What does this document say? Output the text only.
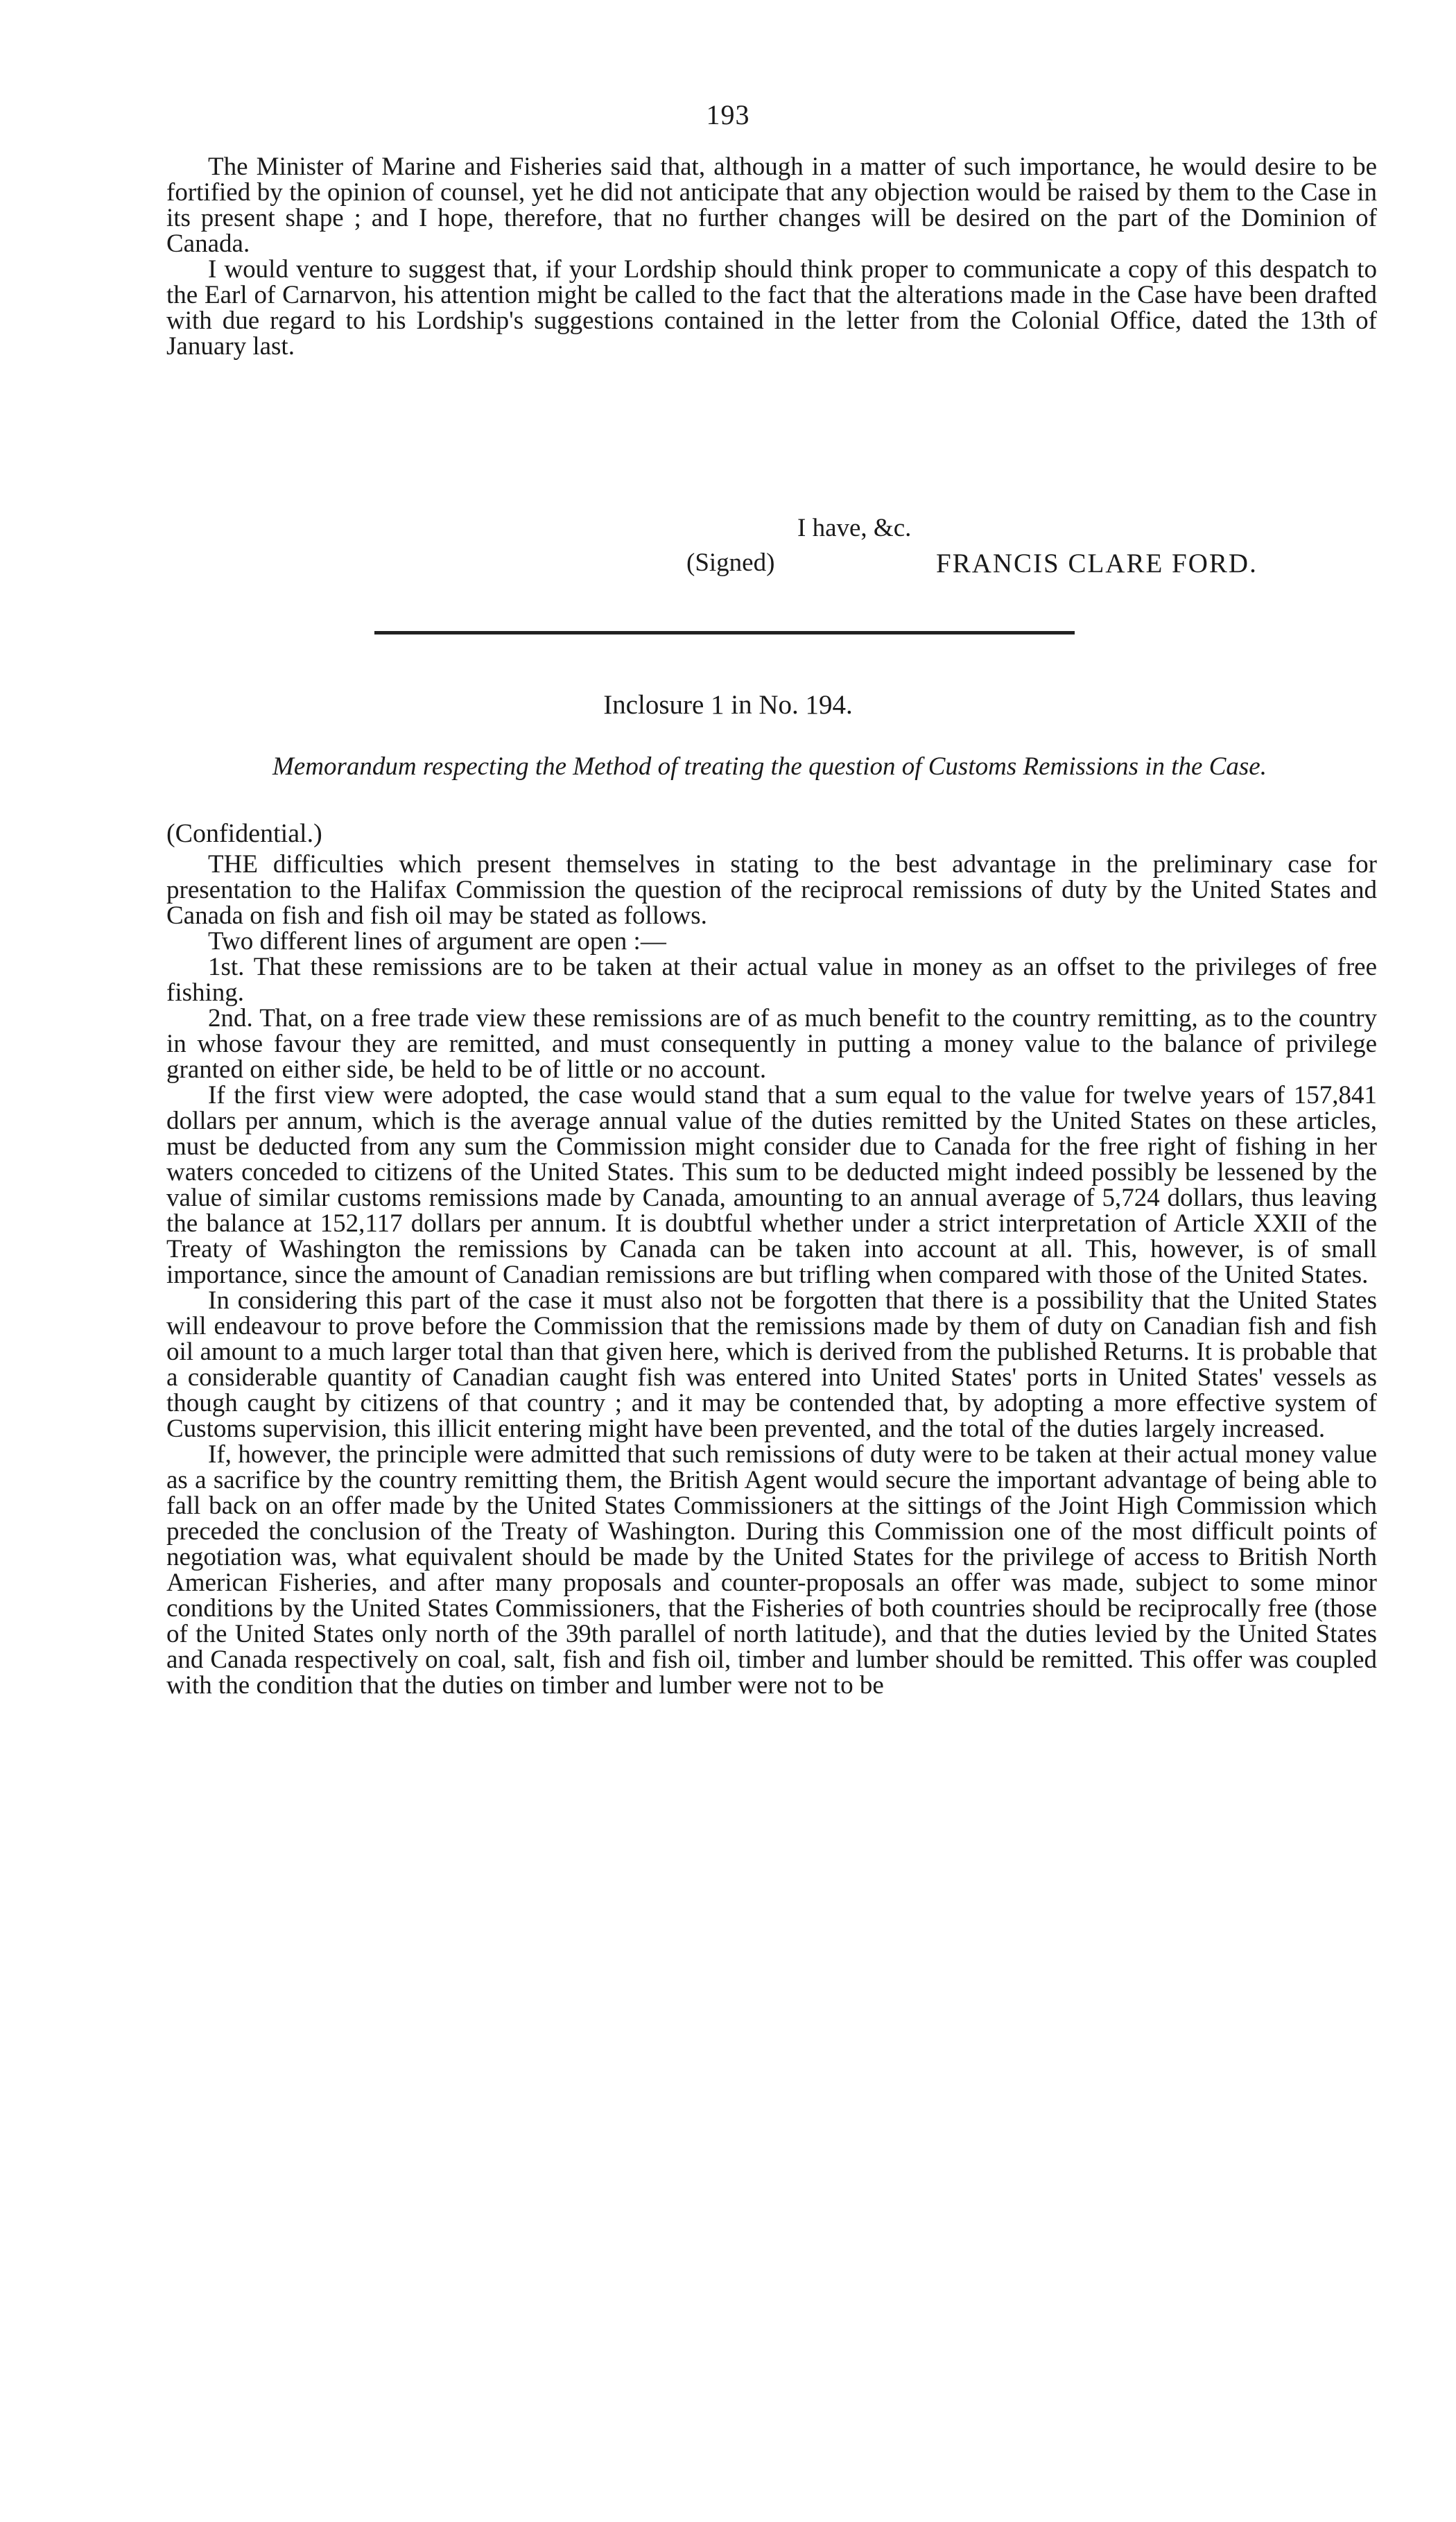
193

The Minister of Marine and Fisheries said that, although in a matter of such importance, he would desire to be fortified by the opinion of counsel, yet he did not anticipate that any objection would be raised by them to the Case in its present shape ; and I hope, therefore, that no further changes will be desired on the part of the Dominion of Canada.

I would venture to suggest that, if your Lordship should think proper to communicate a copy of this despatch to the Earl of Carnarvon, his attention might be called to the fact that the alterations made in the Case have been drafted with due regard to his Lordship's suggestions contained in the letter from the Colonial Office, dated the 13th of January last.

I have, &c.
(Signed)	FRANCIS CLARE FORD.
Inclosure 1 in No. 194.
Memorandum respecting the Method of treating the question of Customs Remissions in the Case.
(Confidential.)

THE difficulties which present themselves in stating to the best advantage in the preliminary case for presentation to the Halifax Commission the question of the reciprocal remissions of duty by the United States and Canada on fish and fish oil may be stated as follows.

Two different lines of argument are open :—

1st. That these remissions are to be taken at their actual value in money as an offset to the privileges of free fishing.

2nd. That, on a free trade view these remissions are of as much benefit to the country remitting, as to the country in whose favour they are remitted, and must consequently in putting a money value to the balance of privilege granted on either side, be held to be of little or no account.

If the first view were adopted, the case would stand that a sum equal to the value for twelve years of 157,841 dollars per annum, which is the average annual value of the duties remitted by the United States on these articles, must be deducted from any sum the Commission might consider due to Canada for the free right of fishing in her waters conceded to citizens of the United States. This sum to be deducted might indeed possibly be lessened by the value of similar customs remissions made by Canada, amounting to an annual average of 5,724 dollars, thus leaving the balance at 152,117 dollars per annum. It is doubtful whether under a strict interpretation of Article XXII of the Treaty of Washington the remissions by Canada can be taken into account at all. This, however, is of small importance, since the amount of Canadian remissions are but trifling when compared with those of the United States.

In considering this part of the case it must also not be forgotten that there is a possibility that the United States will endeavour to prove before the Commission that the remissions made by them of duty on Canadian fish and fish oil amount to a much larger total than that given here, which is derived from the published Returns. It is probable that a considerable quantity of Canadian caught fish was entered into United States' ports in United States' vessels as though caught by citizens of that country ; and it may be contended that, by adopting a more effective system of Customs supervision, this illicit entering might have been prevented, and the total of the duties largely increased.

If, however, the principle were admitted that such remissions of duty were to be taken at their actual money value as a sacrifice by the country remitting them, the British Agent would secure the important advantage of being able to fall back on an offer made by the United States Commissioners at the sittings of the Joint High Commission which preceded the conclusion of the Treaty of Washington. During this Commission one of the most difficult points of negotiation was, what equivalent should be made by the United States for the privilege of access to British North American Fisheries, and after many proposals and counter-proposals an offer was made, subject to some minor conditions by the United States Commissioners, that the Fisheries of both countries should be reciprocally free (those of the United States only north of the 39th parallel of north latitude), and that the duties levied by the United States and Canada respectively on coal, salt, fish and fish oil, timber and lumber should be remitted. This offer was coupled with the condition that the duties on timber and lumber were not to be
